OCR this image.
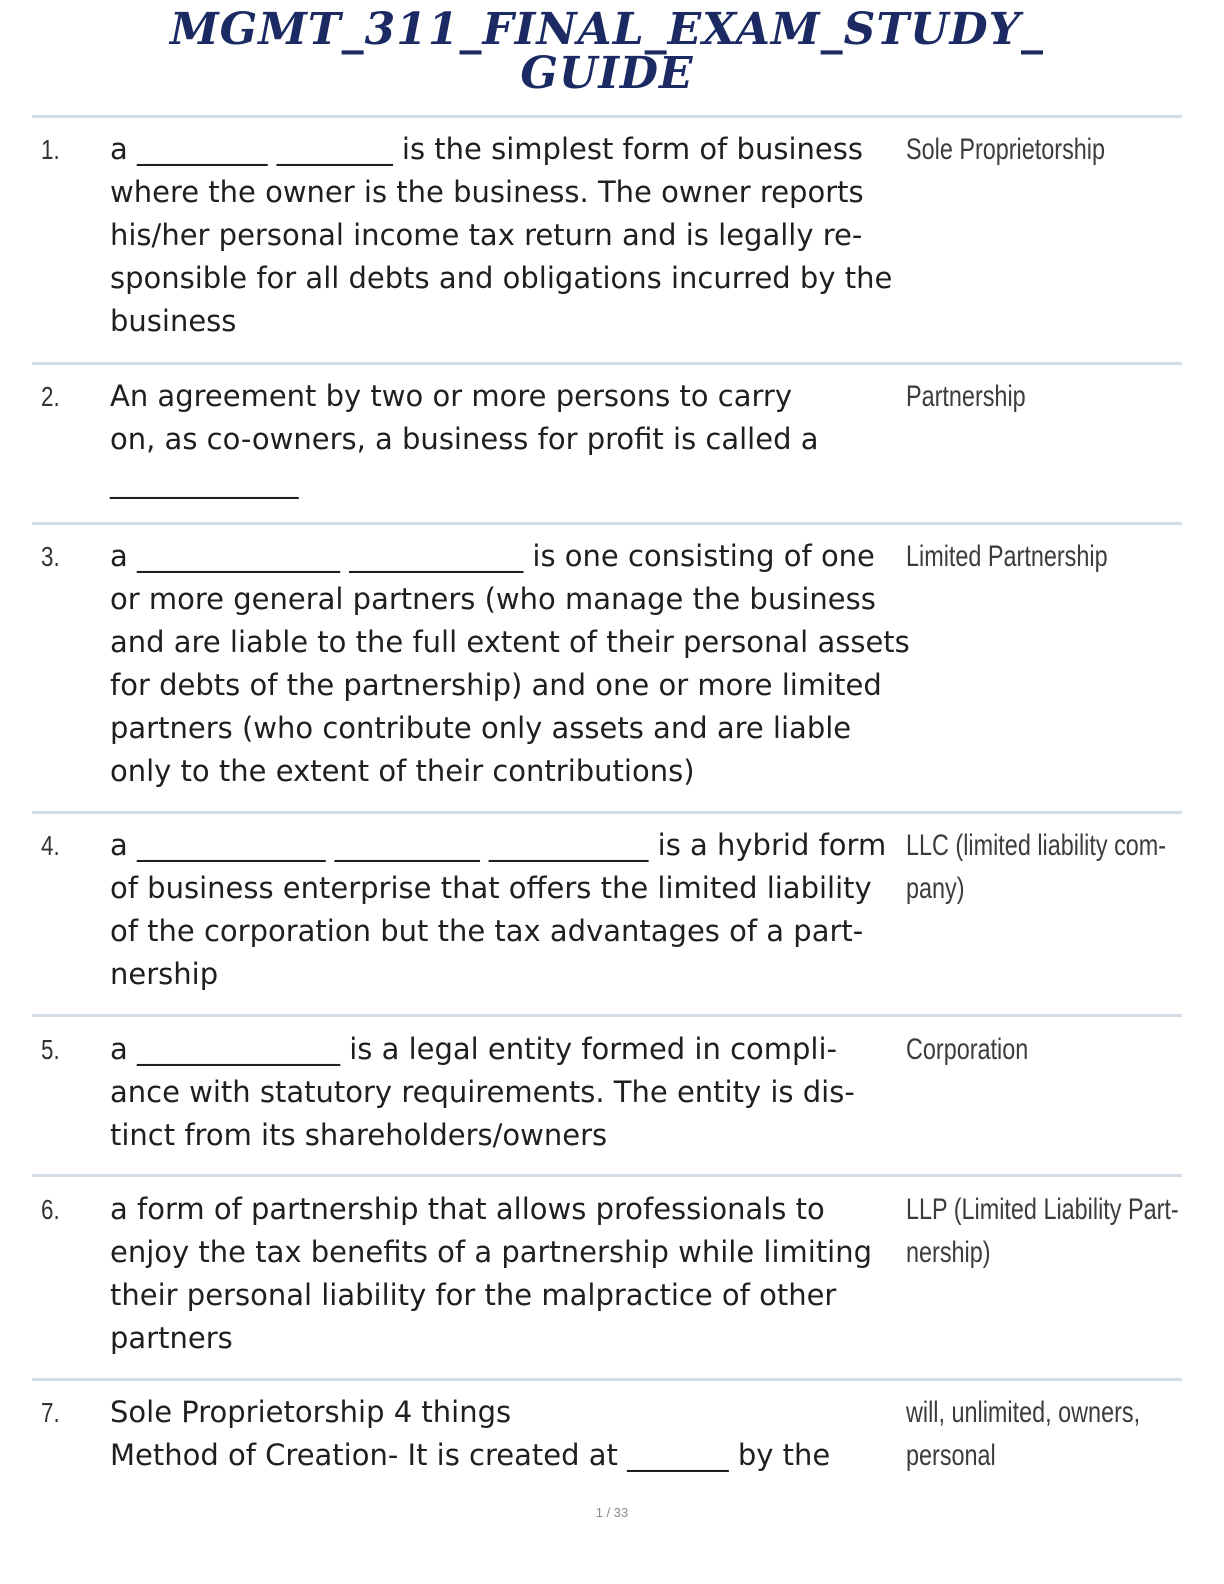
MGMT_311_FINAL_EXAM_STUDY_
GUIDE
1. a _________ ________ is the simplest form of business
where the owner is the business. The owner reports
his/her personal income tax return and is legally re-
sponsible for all debts and obligations incurred by the
business
Sole Proprietorship
2. An agreement by two or more persons to carry
on, as co-owners, a business for profit is called a
_____________
Partnership
3. a ______________ ____________ is one consisting of one
or more general partners (who manage the business
and are liable to the full extent of their personal assets
for debts of the partnership) and one or more limited
partners (who contribute only assets and are liable
only to the extent of their contributions)
Limited Partnership
4. a _____________ __________ ___________ is a hybrid form
of business enterprise that offers the limited liability
of the corporation but the tax advantages of a part-
nership
LLC (limited liability com-
pany)
5. a ______________ is a legal entity formed in compli-
ance with statutory requirements. The entity is dis-
tinct from its shareholders/owners
Corporation
6. a form of partnership that allows professionals to
enjoy the tax benefits of a partnership while limiting
their personal liability for the malpractice of other
partners
LLP (Limited Liability Part-
nership)
7. Sole Proprietorship 4 things
Method of Creation- It is created at _______ by the
will, unlimited, owners,
personal
1 / 33
